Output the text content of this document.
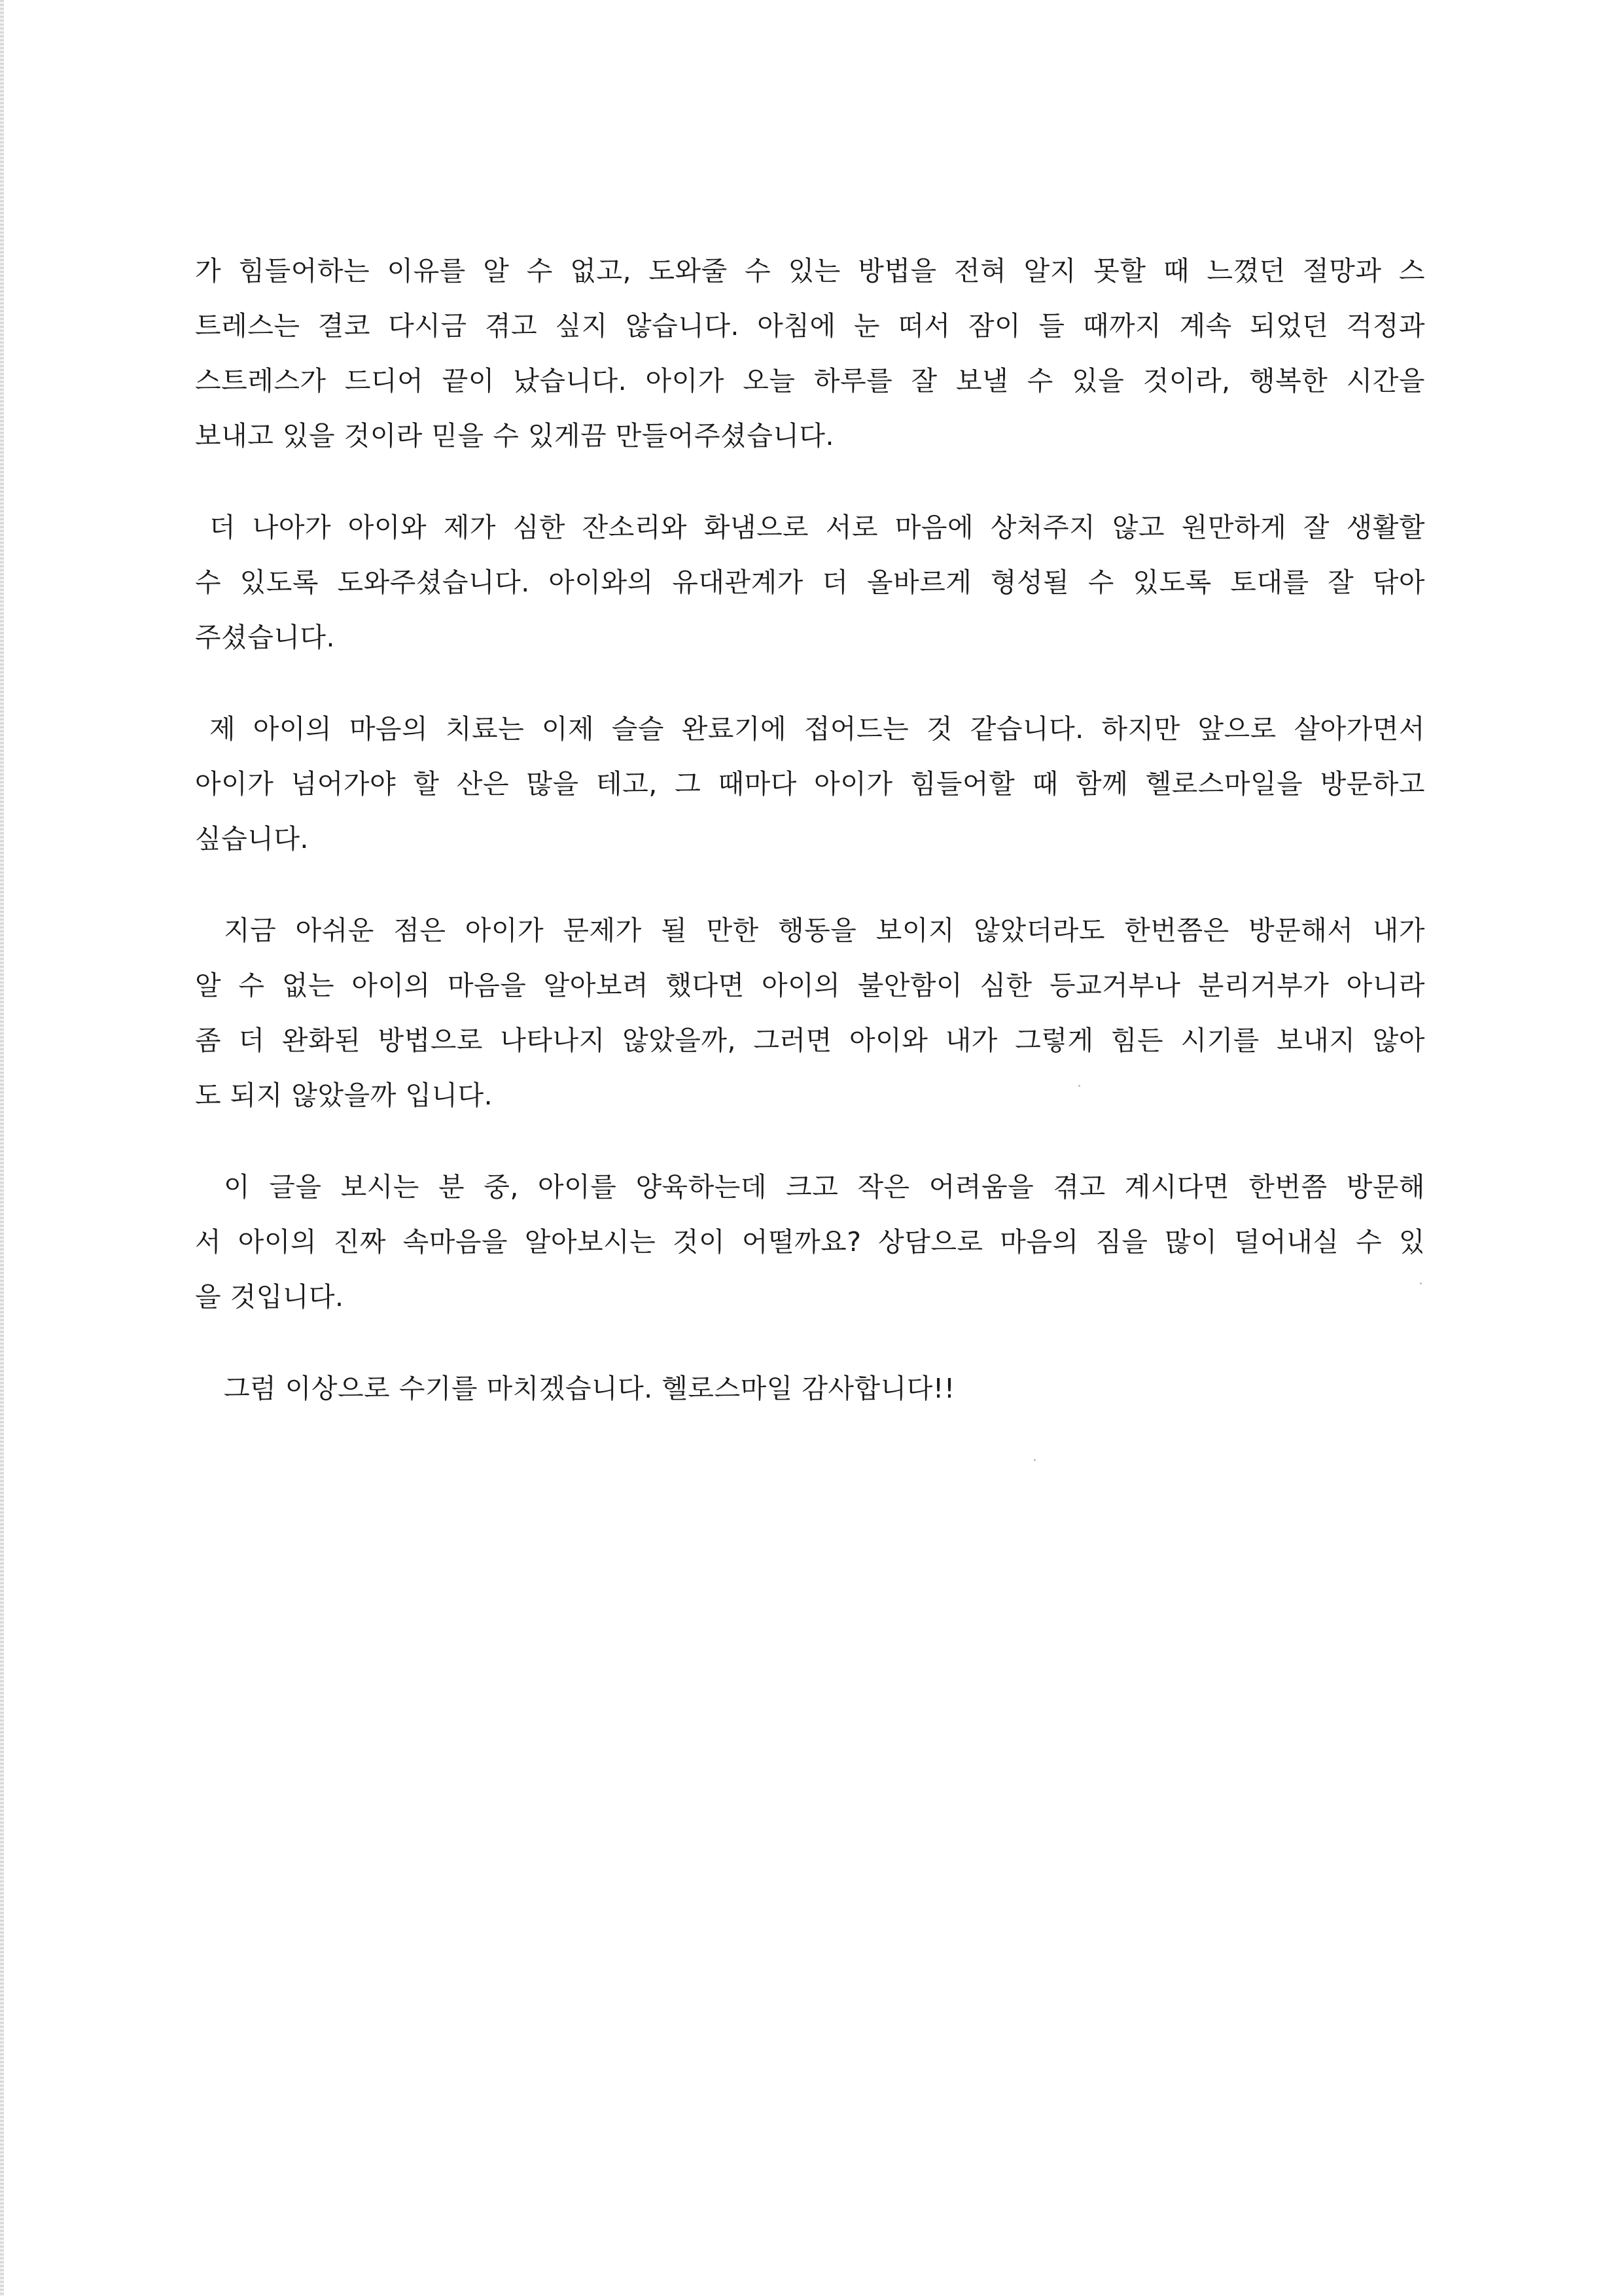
가 힘들어하는 이유를 알 수 없고, 도와줄 수 있는 방법을 전혀 알지 못할 때 느꼈던 절망과 스
트레스는 결코 다시금 겪고 싶지 않습니다. 아침에 눈 떠서 잠이 들 때까지 계속 되었던 걱정과
스트레스가 드디어 끝이 났습니다. 아이가 오늘 하루를 잘 보낼 수 있을 것이라, 행복한 시간을
보내고 있을 것이라 믿을 수 있게끔 만들어주셨습니다.
더 나아가 아이와 제가 심한 잔소리와 화냄으로 서로 마음에 상처주지 않고 원만하게 잘 생활할
수 있도록 도와주셨습니다. 아이와의 유대관계가 더 올바르게 형성될 수 있도록 토대를 잘 닦아
주셨습니다.
제 아이의 마음의 치료는 이제 슬슬 완료기에 접어드는 것 같습니다. 하지만 앞으로 살아가면서
아이가 넘어가야 할 산은 많을 테고, 그 때마다 아이가 힘들어할 때 함께 헬로스마일을 방문하고
싶습니다.
지금 아쉬운 점은 아이가 문제가 될 만한 행동을 보이지 않았더라도 한번쯤은 방문해서 내가
알 수 없는 아이의 마음을 알아보려 했다면 아이의 불안함이 심한 등교거부나 분리거부가 아니라
좀 더 완화된 방법으로 나타나지 않았을까, 그러면 아이와 내가 그렇게 힘든 시기를 보내지 않아
도 되지 않았을까 입니다.
이 글을 보시는 분 중, 아이를 양육하는데 크고 작은 어려움을 겪고 계시다면 한번쯤 방문해
서 아이의 진짜 속마음을 알아보시는 것이 어떨까요? 상담으로 마음의 짐을 많이 덜어내실 수 있
을 것입니다.
그럼 이상으로 수기를 마치겠습니다. 헬로스마일 감사합니다!!
